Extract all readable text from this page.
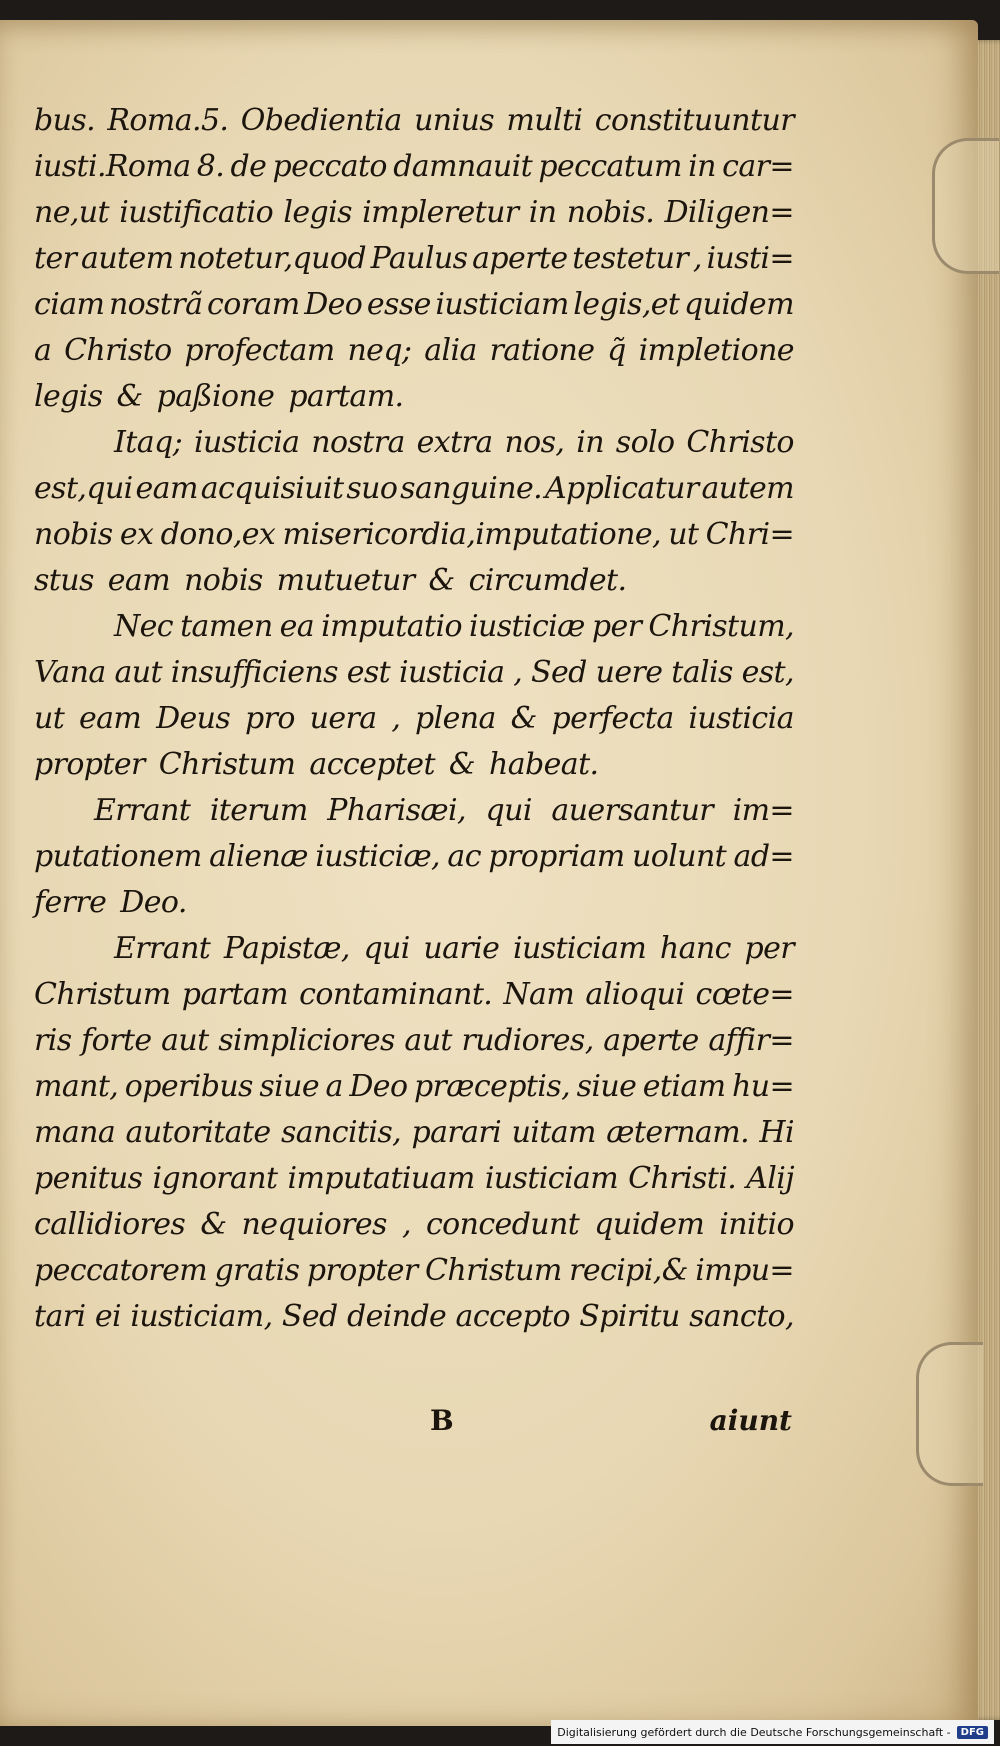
bus. Roma.5. Obedientia unius multi constituuntur
iusti.Roma 8. de peccato damnauit peccatum in car=
ne,ut iustificatio legis impleretur in nobis. Diligen=
ter autem notetur,quod Paulus aperte testetur , iusti=
ciam nostrã coram Deo esse iusticiam legis,et quidem
a Christo profectam neq; alia ratione q̃ impletione
legis & paßione partam.
Itaq; iusticia nostra extra nos, in solo Christo
est,qui eam acquisiuit suo sanguine. Applicatur autem
nobis ex dono,ex misericordia,imputatione, ut Chri=
stus eam nobis mutuetur & circumdet.
Nec tamen ea imputatio iusticiæ per Christum,
Vana aut insufficiens est iusticia , Sed uere talis est,
ut eam Deus pro uera , plena & perfecta iusticia
propter Christum acceptet & habeat.
Errant iterum Pharisæi, qui auersantur im=
putationem alienæ iusticiæ, ac propriam uolunt ad=
ferre Deo.
Errant Papistæ, qui uarie iusticiam hanc per
Christum partam contaminant. Nam alioqui cœte=
ris forte aut simpliciores aut rudiores, aperte affir=
mant, operibus siue a Deo præceptis, siue etiam hu=
mana autoritate sancitis, parari uitam æternam. Hi
penitus ignorant imputatiuam iusticiam Christi. Alij
callidiores & nequiores , concedunt quidem initio
peccatorem gratis propter Christum recipi,& impu=
tari ei iusticiam, Sed deinde accepto Spiritu sancto,
B	aiunt
Digitalisierung gefördert durch die Deutsche Forschungsgemeinschaft -	DFG
